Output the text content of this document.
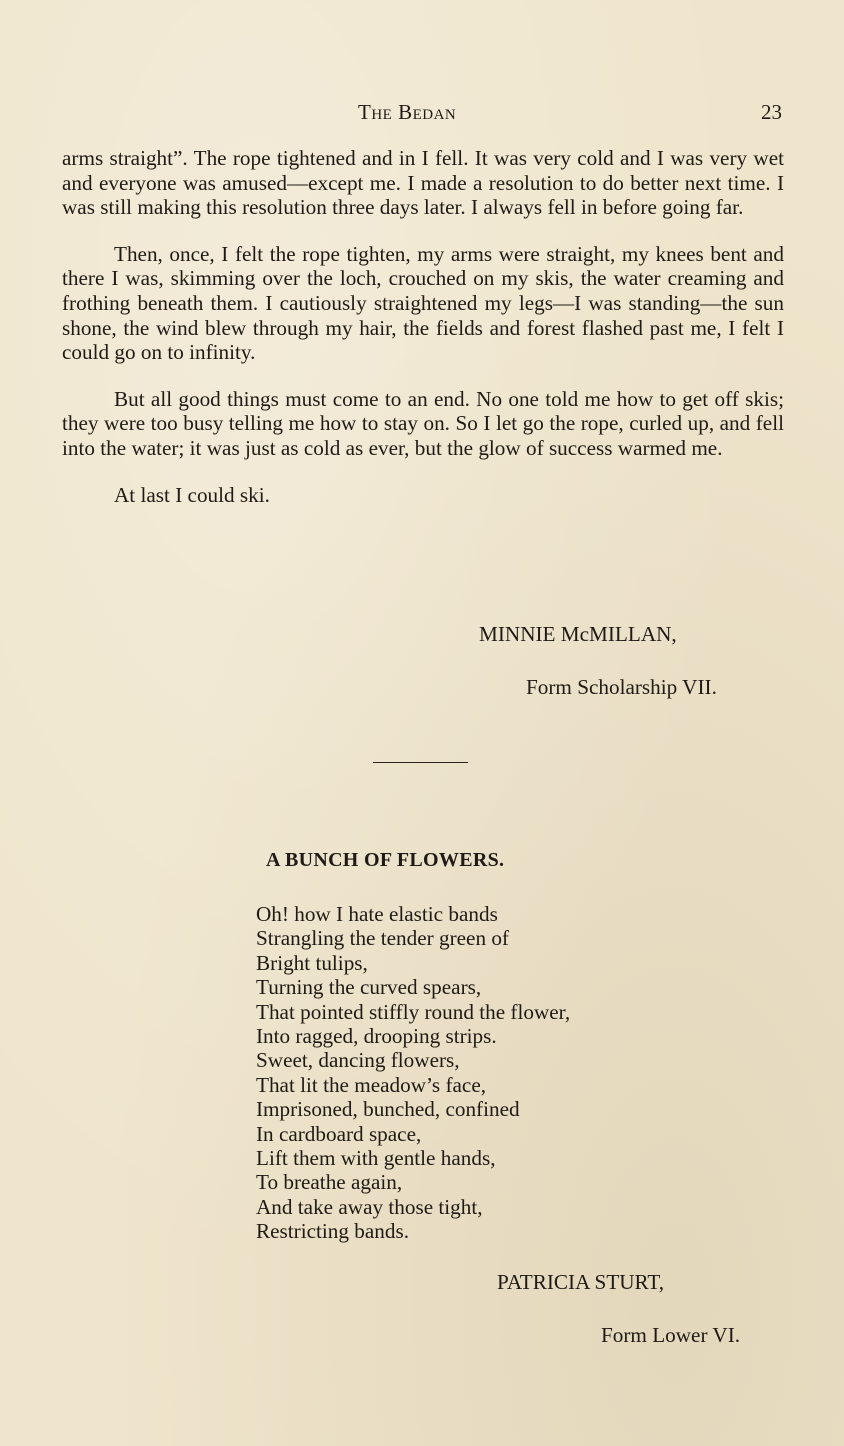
The Bedan	23

arms straight”. The rope tightened and in I fell. It was very cold and I was very wet and everyone was amused—except me. I made a resolution to do better next time. I was still making this resolution three days later. I always fell in before going far.

Then, once, I felt the rope tighten, my arms were straight, my knees bent and there I was, skimming over the loch, crouched on my skis, the water creaming and frothing beneath them. I cautiously straightened my legs—I was standing—the sun shone, the wind blew through my hair, the fields and forest flashed past me, I felt I could go on to infinity.

But all good things must come to an end. No one told me how to get off skis; they were too busy telling me how to stay on. So I let go the rope, curled up, and fell into the water; it was just as cold as ever, but the glow of success warmed me.

At last I could ski.

MINNIE McMILLAN,
Form Scholarship VII.
A BUNCH OF FLOWERS.
Oh! how I hate elastic bands
Strangling the tender green of
Bright tulips,
Turning the curved spears,
That pointed stiffly round the flower,
Into ragged, drooping strips.
Sweet, dancing flowers,
That lit the meadow’s face,
Imprisoned, bunched, confined
In cardboard space,
Lift them with gentle hands,
To breathe again,
And take away those tight,
Restricting bands.
PATRICIA STURT,
Form Lower VI.
